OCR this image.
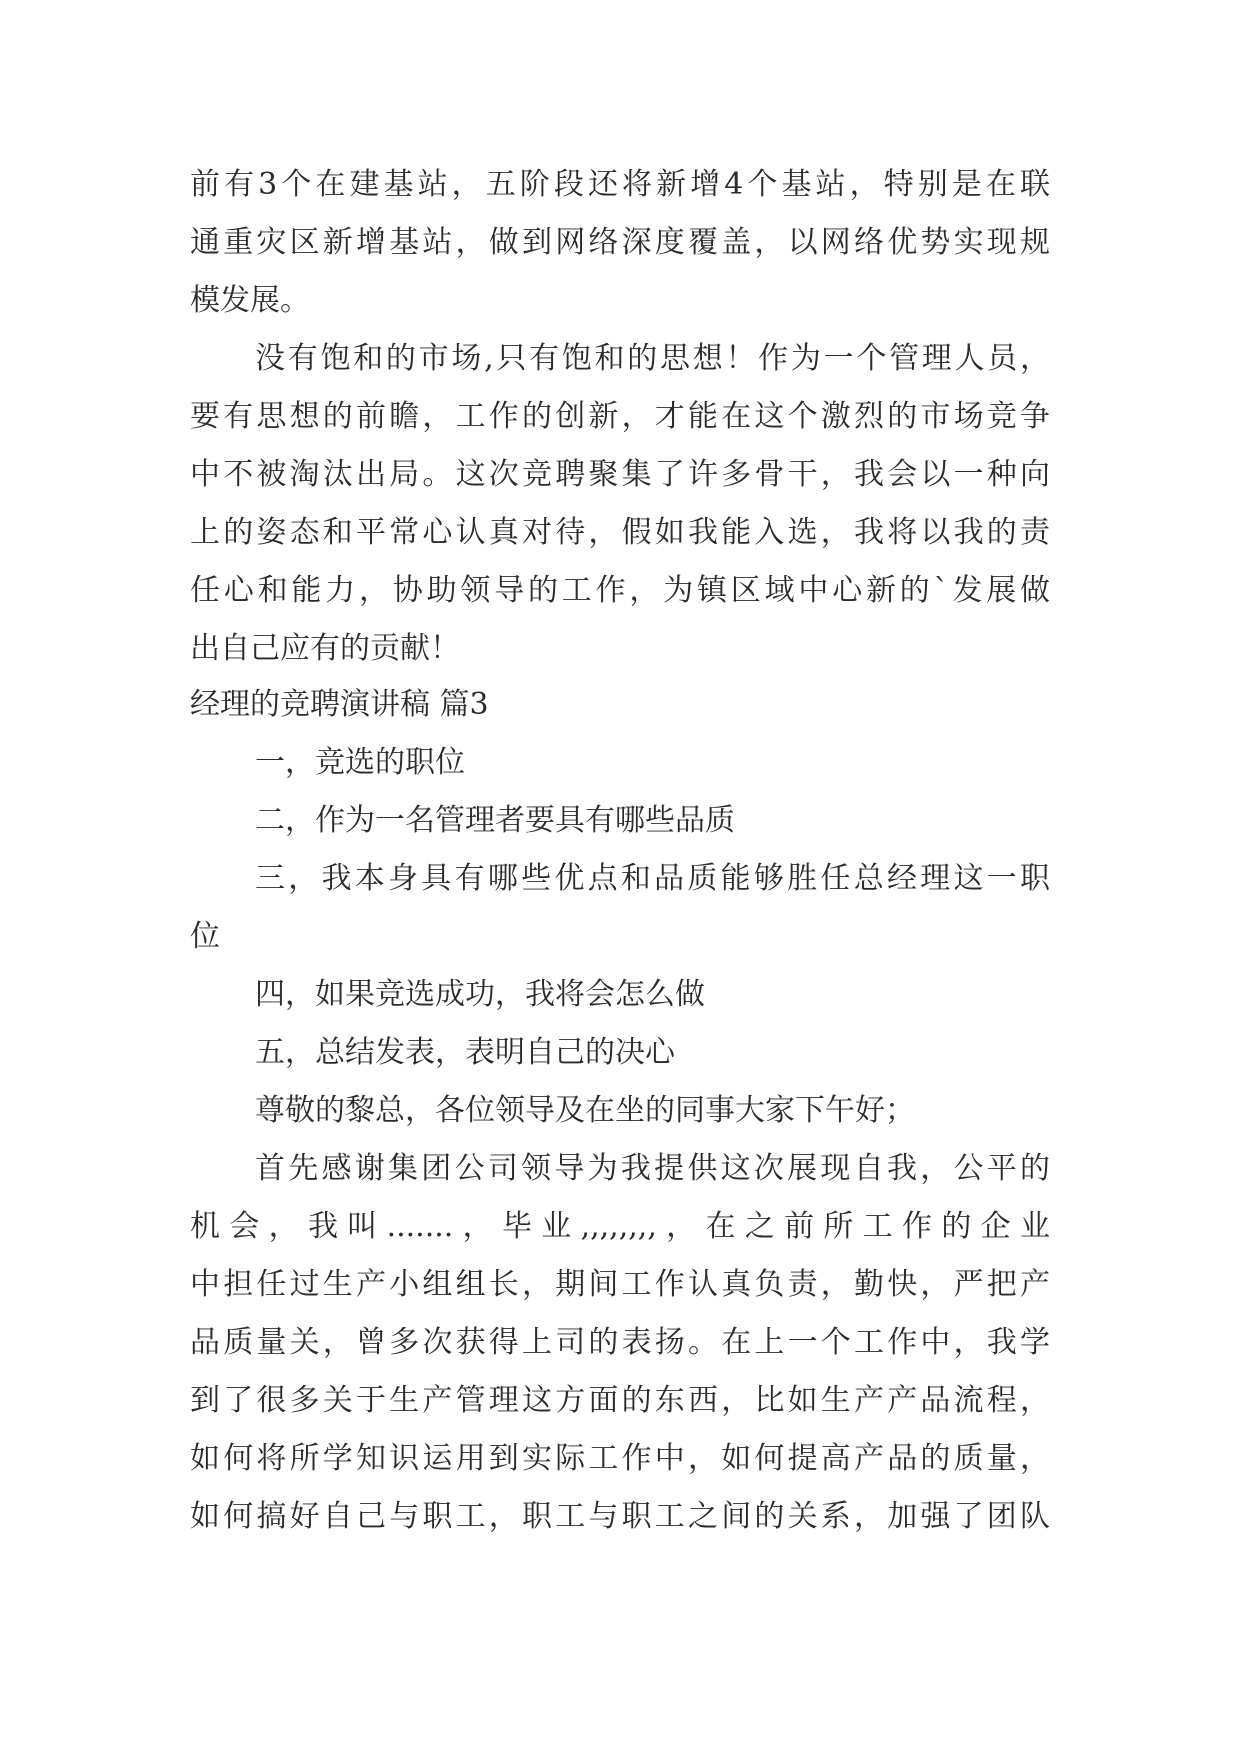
前有3个在建基站，五阶段还将新增4个基站，特别是在联
通重灾区新增基站，做到网络深度覆盖，以网络优势实现规
模发展。
没有饱和的市场,只有饱和的思想！作为一个管理人员，
要有思想的前瞻，工作的创新，才能在这个激烈的市场竞争
中不被淘汰出局。这次竞聘聚集了许多骨干，我会以一种向
上的姿态和平常心认真对待，假如我能入选，我将以我的责
任心和能力，协助领导的工作，为镇区域中心新的`发展做
出自己应有的贡献！
经理的竞聘演讲稿 篇3
一，竞选的职位
二，作为一名管理者要具有哪些品质
三，我本身具有哪些优点和品质能够胜任总经理这一职
位
四，如果竞选成功，我将会怎么做
五，总结发表，表明自己的决心
尊敬的黎总，各位领导及在坐的同事大家下午好；
首先感谢集团公司领导为我提供这次展现自我，公平的
机会，我叫.......，毕业,,,,,,,,，在之前所工作的企业
中担任过生产小组组长，期间工作认真负责，勤快，严把产
品质量关，曾多次获得上司的表扬。在上一个工作中，我学
到了很多关于生产管理这方面的东西，比如生产产品流程，
如何将所学知识运用到实际工作中，如何提高产品的质量，
如何搞好自己与职工，职工与职工之间的关系，加强了团队
